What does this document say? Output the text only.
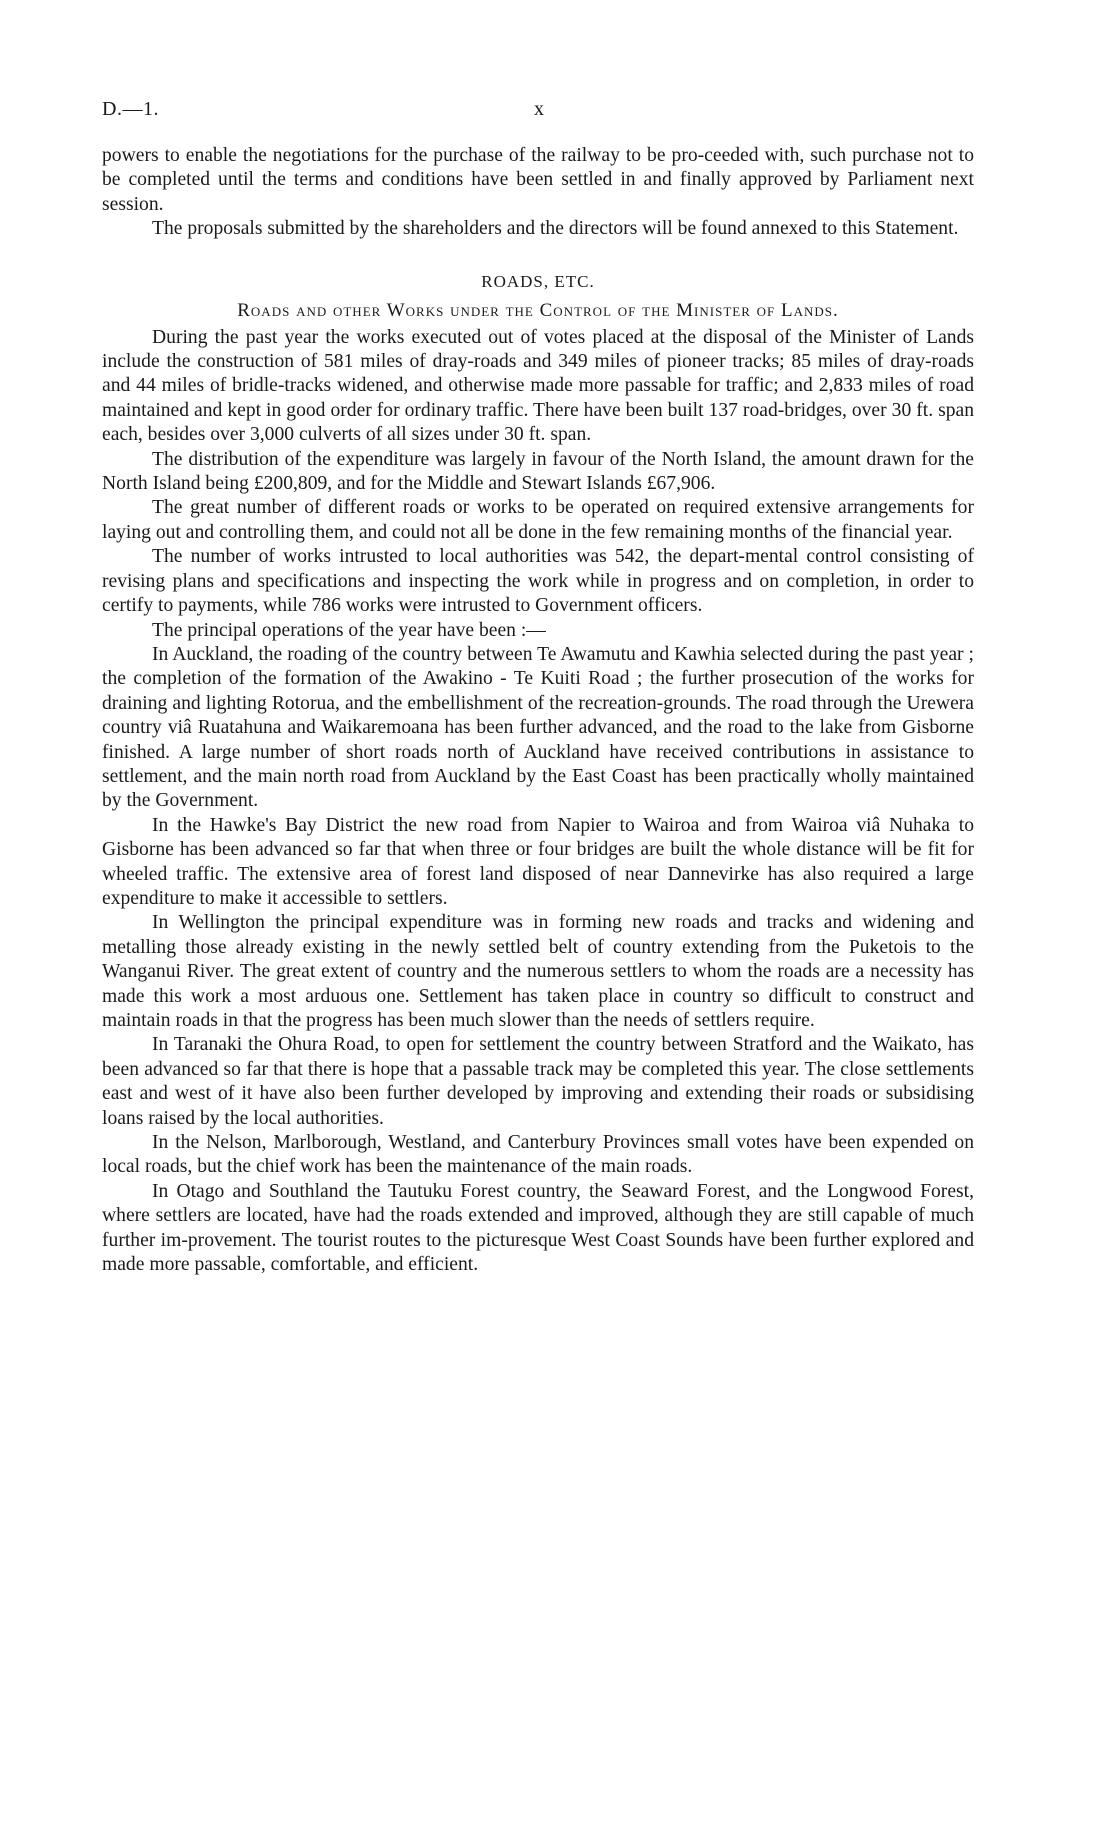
D.—1.	x

powers to enable the negotiations for the purchase of the railway to be pro-ceeded with, such purchase not to be completed until the terms and conditions have been settled in and finally approved by Parliament next session.

The proposals submitted by the shareholders and the directors will be found annexed to this Statement.

ROADS, ETC.
Roads and other Works under the Control of the Minister of Lands.

During the past year the works executed out of votes placed at the disposal of the Minister of Lands include the construction of 581 miles of dray-roads and 349 miles of pioneer tracks; 85 miles of dray-roads and 44 miles of bridle-tracks widened, and otherwise made more passable for traffic; and 2,833 miles of road maintained and kept in good order for ordinary traffic. There have been built 137 road-bridges, over 30 ft. span each, besides over 3,000 culverts of all sizes under 30 ft. span.

The distribution of the expenditure was largely in favour of the North Island, the amount drawn for the North Island being £200,809, and for the Middle and Stewart Islands £67,906.

The great number of different roads or works to be operated on required extensive arrangements for laying out and controlling them, and could not all be done in the few remaining months of the financial year.

The number of works intrusted to local authorities was 542, the depart-mental control consisting of revising plans and specifications and inspecting the work while in progress and on completion, in order to certify to payments, while 786 works were intrusted to Government officers.

The principal operations of the year have been :—

In Auckland, the roading of the country between Te Awamutu and Kawhia selected during the past year ; the completion of the formation of the Awakino - Te Kuiti Road ; the further prosecution of the works for draining and lighting Rotorua, and the embellishment of the recreation-grounds. The road through the Urewera country viâ Ruatahuna and Waikaremoana has been further advanced, and the road to the lake from Gisborne finished. A large number of short roads north of Auckland have received contributions in assistance to settlement, and the main north road from Auckland by the East Coast has been practically wholly maintained by the Government.

In the Hawke's Bay District the new road from Napier to Wairoa and from Wairoa viâ Nuhaka to Gisborne has been advanced so far that when three or four bridges are built the whole distance will be fit for wheeled traffic. The extensive area of forest land disposed of near Dannevirke has also required a large expenditure to make it accessible to settlers.

In Wellington the principal expenditure was in forming new roads and tracks and widening and metalling those already existing in the newly settled belt of country extending from the Puketois to the Wanganui River. The great extent of country and the numerous settlers to whom the roads are a necessity has made this work a most arduous one. Settlement has taken place in country so difficult to construct and maintain roads in that the progress has been much slower than the needs of settlers require.

In Taranaki the Ohura Road, to open for settlement the country between Stratford and the Waikato, has been advanced so far that there is hope that a passable track may be completed this year. The close settlements east and west of it have also been further developed by improving and extending their roads or subsidising loans raised by the local authorities.

In the Nelson, Marlborough, Westland, and Canterbury Provinces small votes have been expended on local roads, but the chief work has been the maintenance of the main roads.

In Otago and Southland the Tautuku Forest country, the Seaward Forest, and the Longwood Forest, where settlers are located, have had the roads extended and improved, although they are still capable of much further im-provement. The tourist routes to the picturesque West Coast Sounds have been further explored and made more passable, comfortable, and efficient.
